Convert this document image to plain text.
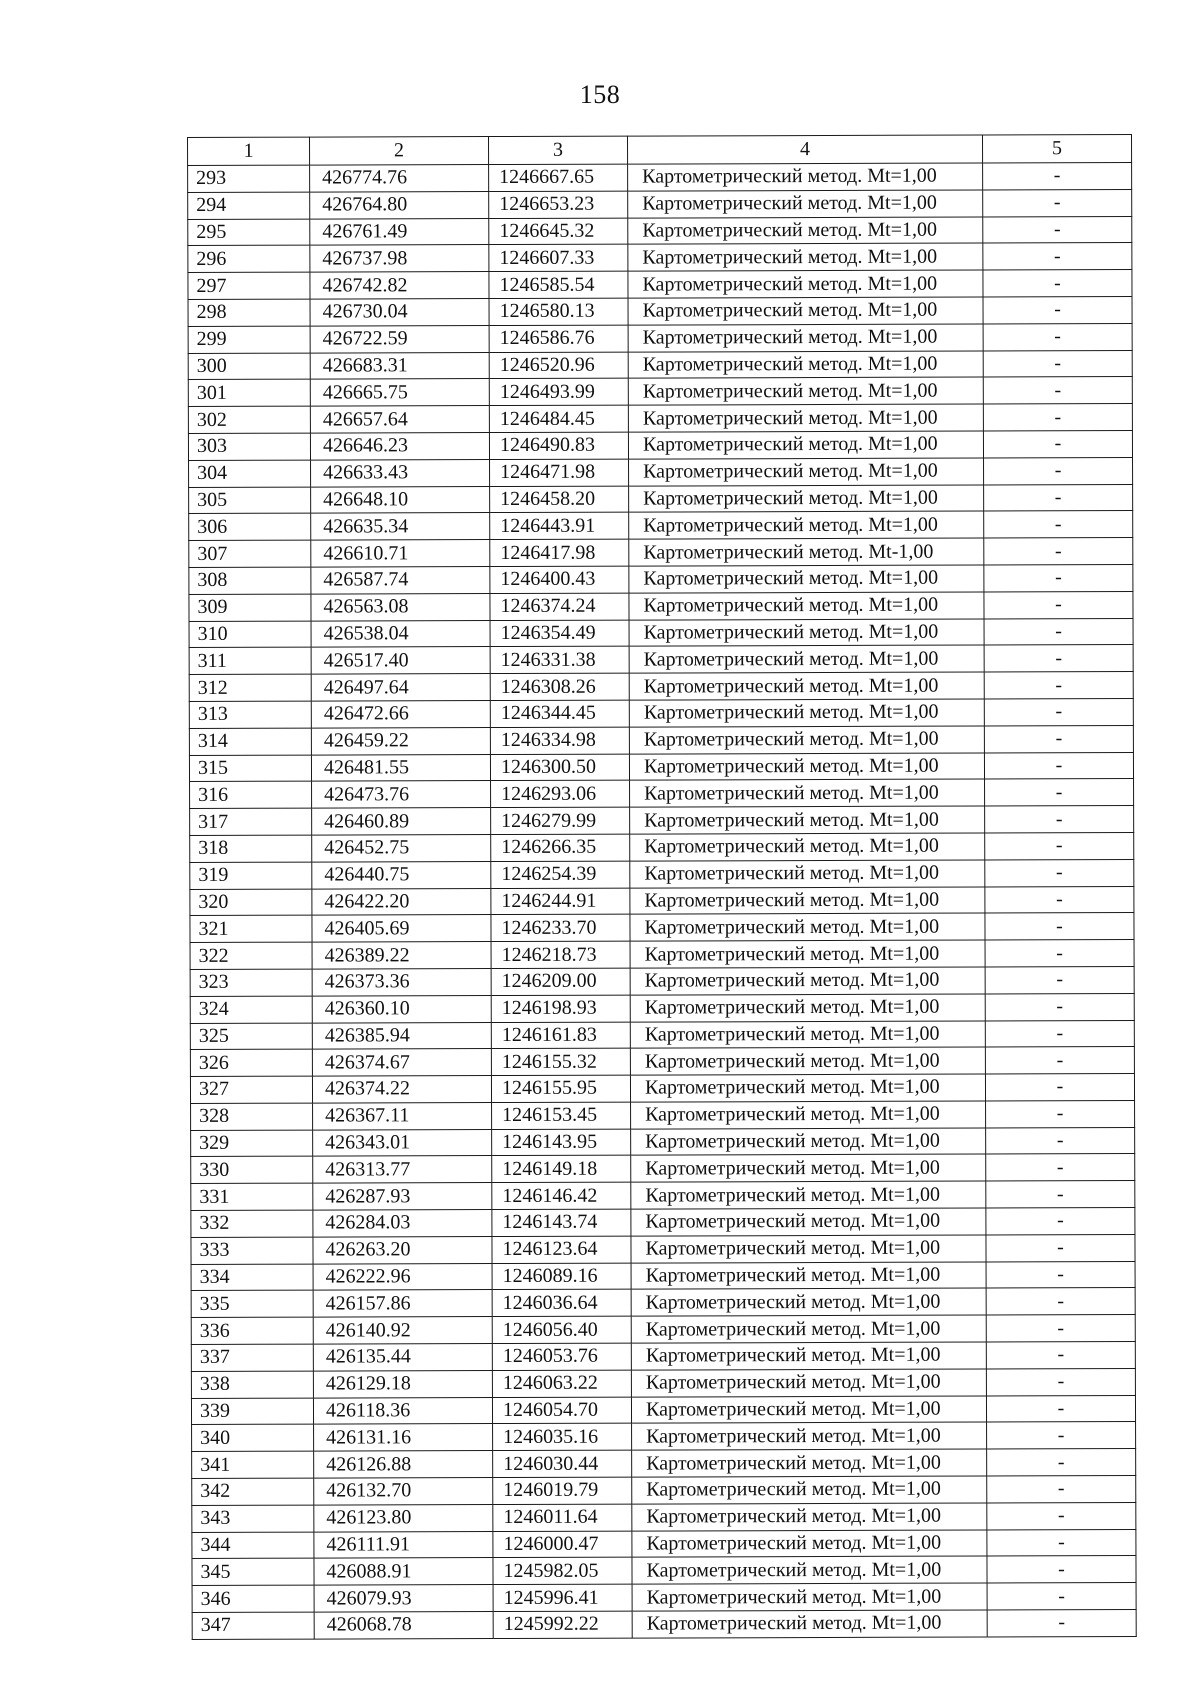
158
1	2	3	4	5
293	426774.76	1246667.65	Картометрический метод. Mt=1,00	-
294	426764.80	1246653.23	Картометрический метод. Mt=1,00	-
295	426761.49	1246645.32	Картометрический метод. Mt=1,00	-
296	426737.98	1246607.33	Картометрический метод. Mt=1,00	-
297	426742.82	1246585.54	Картометрический метод. Mt=1,00	-
298	426730.04	1246580.13	Картометрический метод. Mt=1,00	-
299	426722.59	1246586.76	Картометрический метод. Mt=1,00	-
300	426683.31	1246520.96	Картометрический метод. Mt=1,00	-
301	426665.75	1246493.99	Картометрический метод. Mt=1,00	-
302	426657.64	1246484.45	Картометрический метод. Mt=1,00	-
303	426646.23	1246490.83	Картометрический метод. Mt=1,00	-
304	426633.43	1246471.98	Картометрический метод. Mt=1,00	-
305	426648.10	1246458.20	Картометрический метод. Mt=1,00	-
306	426635.34	1246443.91	Картометрический метод. Mt=1,00	-
307	426610.71	1246417.98	Картометрический метод. Mt-1,00	-
308	426587.74	1246400.43	Картометрический метод. Mt=1,00	-
309	426563.08	1246374.24	Картометрический метод. Mt=1,00	-
310	426538.04	1246354.49	Картометрический метод. Mt=1,00	-
311	426517.40	1246331.38	Картометрический метод. Mt=1,00	-
312	426497.64	1246308.26	Картометрический метод. Mt=1,00	-
313	426472.66	1246344.45	Картометрический метод. Mt=1,00	-
314	426459.22	1246334.98	Картометрический метод. Mt=1,00	-
315	426481.55	1246300.50	Картометрический метод. Mt=1,00	-
316	426473.76	1246293.06	Картометрический метод. Mt=1,00	-
317	426460.89	1246279.99	Картометрический метод. Mt=1,00	-
318	426452.75	1246266.35	Картометрический метод. Mt=1,00	-
319	426440.75	1246254.39	Картометрический метод. Mt=1,00	-
320	426422.20	1246244.91	Картометрический метод. Mt=1,00	-
321	426405.69	1246233.70	Картометрический метод. Mt=1,00	-
322	426389.22	1246218.73	Картометрический метод. Mt=1,00	-
323	426373.36	1246209.00	Картометрический метод. Mt=1,00	-
324	426360.10	1246198.93	Картометрический метод. Mt=1,00	-
325	426385.94	1246161.83	Картометрический метод. Mt=1,00	-
326	426374.67	1246155.32	Картометрический метод. Mt=1,00	-
327	426374.22	1246155.95	Картометрический метод. Mt=1,00	-
328	426367.11	1246153.45	Картометрический метод. Mt=1,00	-
329	426343.01	1246143.95	Картометрический метод. Mt=1,00	-
330	426313.77	1246149.18	Картометрический метод. Mt=1,00	-
331	426287.93	1246146.42	Картометрический метод. Mt=1,00	-
332	426284.03	1246143.74	Картометрический метод. Mt=1,00	-
333	426263.20	1246123.64	Картометрический метод. Mt=1,00	-
334	426222.96	1246089.16	Картометрический метод. Mt=1,00	-
335	426157.86	1246036.64	Картометрический метод. Mt=1,00	-
336	426140.92	1246056.40	Картометрический метод. Mt=1,00	-
337	426135.44	1246053.76	Картометрический метод. Mt=1,00	-
338	426129.18	1246063.22	Картометрический метод. Mt=1,00	-
339	426118.36	1246054.70	Картометрический метод. Mt=1,00	-
340	426131.16	1246035.16	Картометрический метод. Mt=1,00	-
341	426126.88	1246030.44	Картометрический метод. Mt=1,00	-
342	426132.70	1246019.79	Картометрический метод. Mt=1,00	-
343	426123.80	1246011.64	Картометрический метод. Mt=1,00	-
344	426111.91	1246000.47	Картометрический метод. Mt=1,00	-
345	426088.91	1245982.05	Картометрический метод. Mt=1,00	-
346	426079.93	1245996.41	Картометрический метод. Mt=1,00	-
347	426068.78	1245992.22	Картометрический метод. Mt=1,00	-
